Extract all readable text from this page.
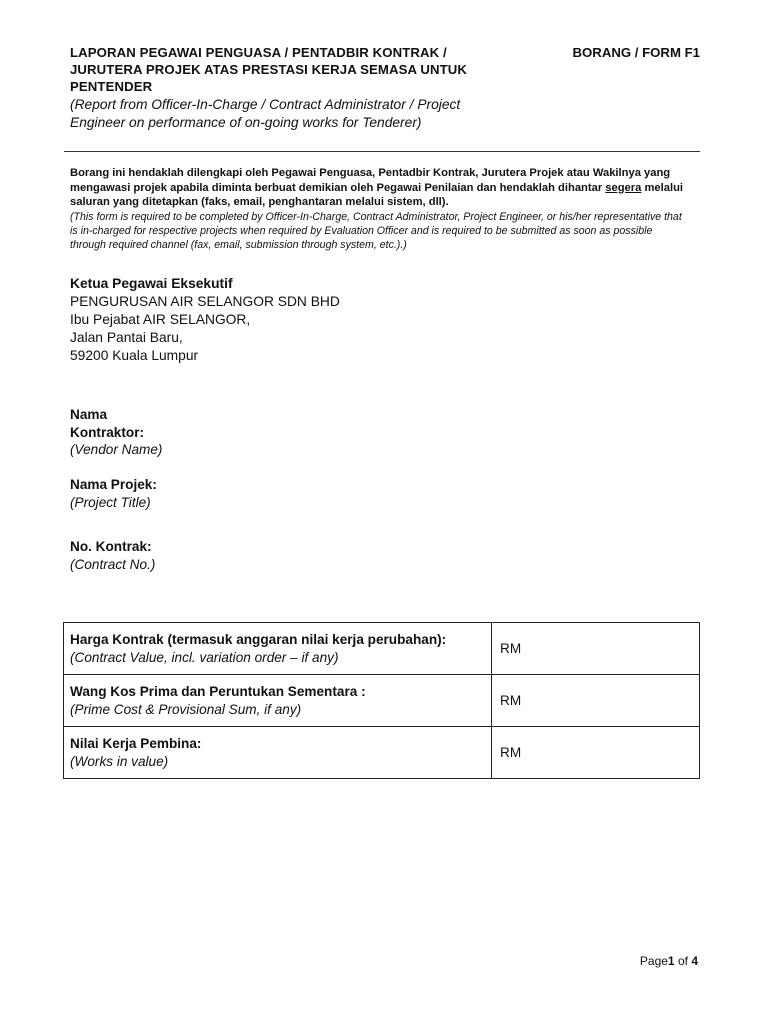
LAPORAN PEGAWAI PENGUASA / PENTADBIR KONTRAK / JURUTERA PROJEK ATAS PRESTASI KERJA SEMASA UNTUK PENTENDER
BORANG / FORM F1
(Report from Officer-In-Charge / Contract Administrator / Project Engineer on performance of on-going works for Tenderer)
Borang ini hendaklah dilengkapi oleh Pegawai Penguasa, Pentadbir Kontrak, Jurutera Projek atau Wakilnya yang mengawasi projek apabila diminta berbuat demikian oleh Pegawai Penilaian dan hendaklah dihantar segera melalui saluran yang ditetapkan (faks, email, penghantaran melalui sistem, dll).
(This form is required to be completed by Officer-In-Charge, Contract Administrator, Project Engineer, or his/her representative that is in-charged for respective projects when required by Evaluation Officer and is required to be submitted as soon as possible through required channel (fax, email, submission through system, etc.).)
Ketua Pegawai Eksekutif
PENGURUSAN AIR SELANGOR SDN BHD
Ibu Pejabat AIR SELANGOR,
Jalan Pantai Baru,
59200 Kuala Lumpur
Nama
Kontraktor:
(Vendor Name)
Nama Projek:
(Project Title)
No. Kontrak:
(Contract No.)
Harga Kontrak (termasuk anggaran nilai kerja perubahan):
(Contract Value, incl. variation order – if any)	RM

Wang Kos Prima dan Peruntukan Sementara :
(Prime Cost & Provisional Sum, if any)	RM

Nilai Kerja Pembina:
(Works in value)	RM
Page1 of 4
